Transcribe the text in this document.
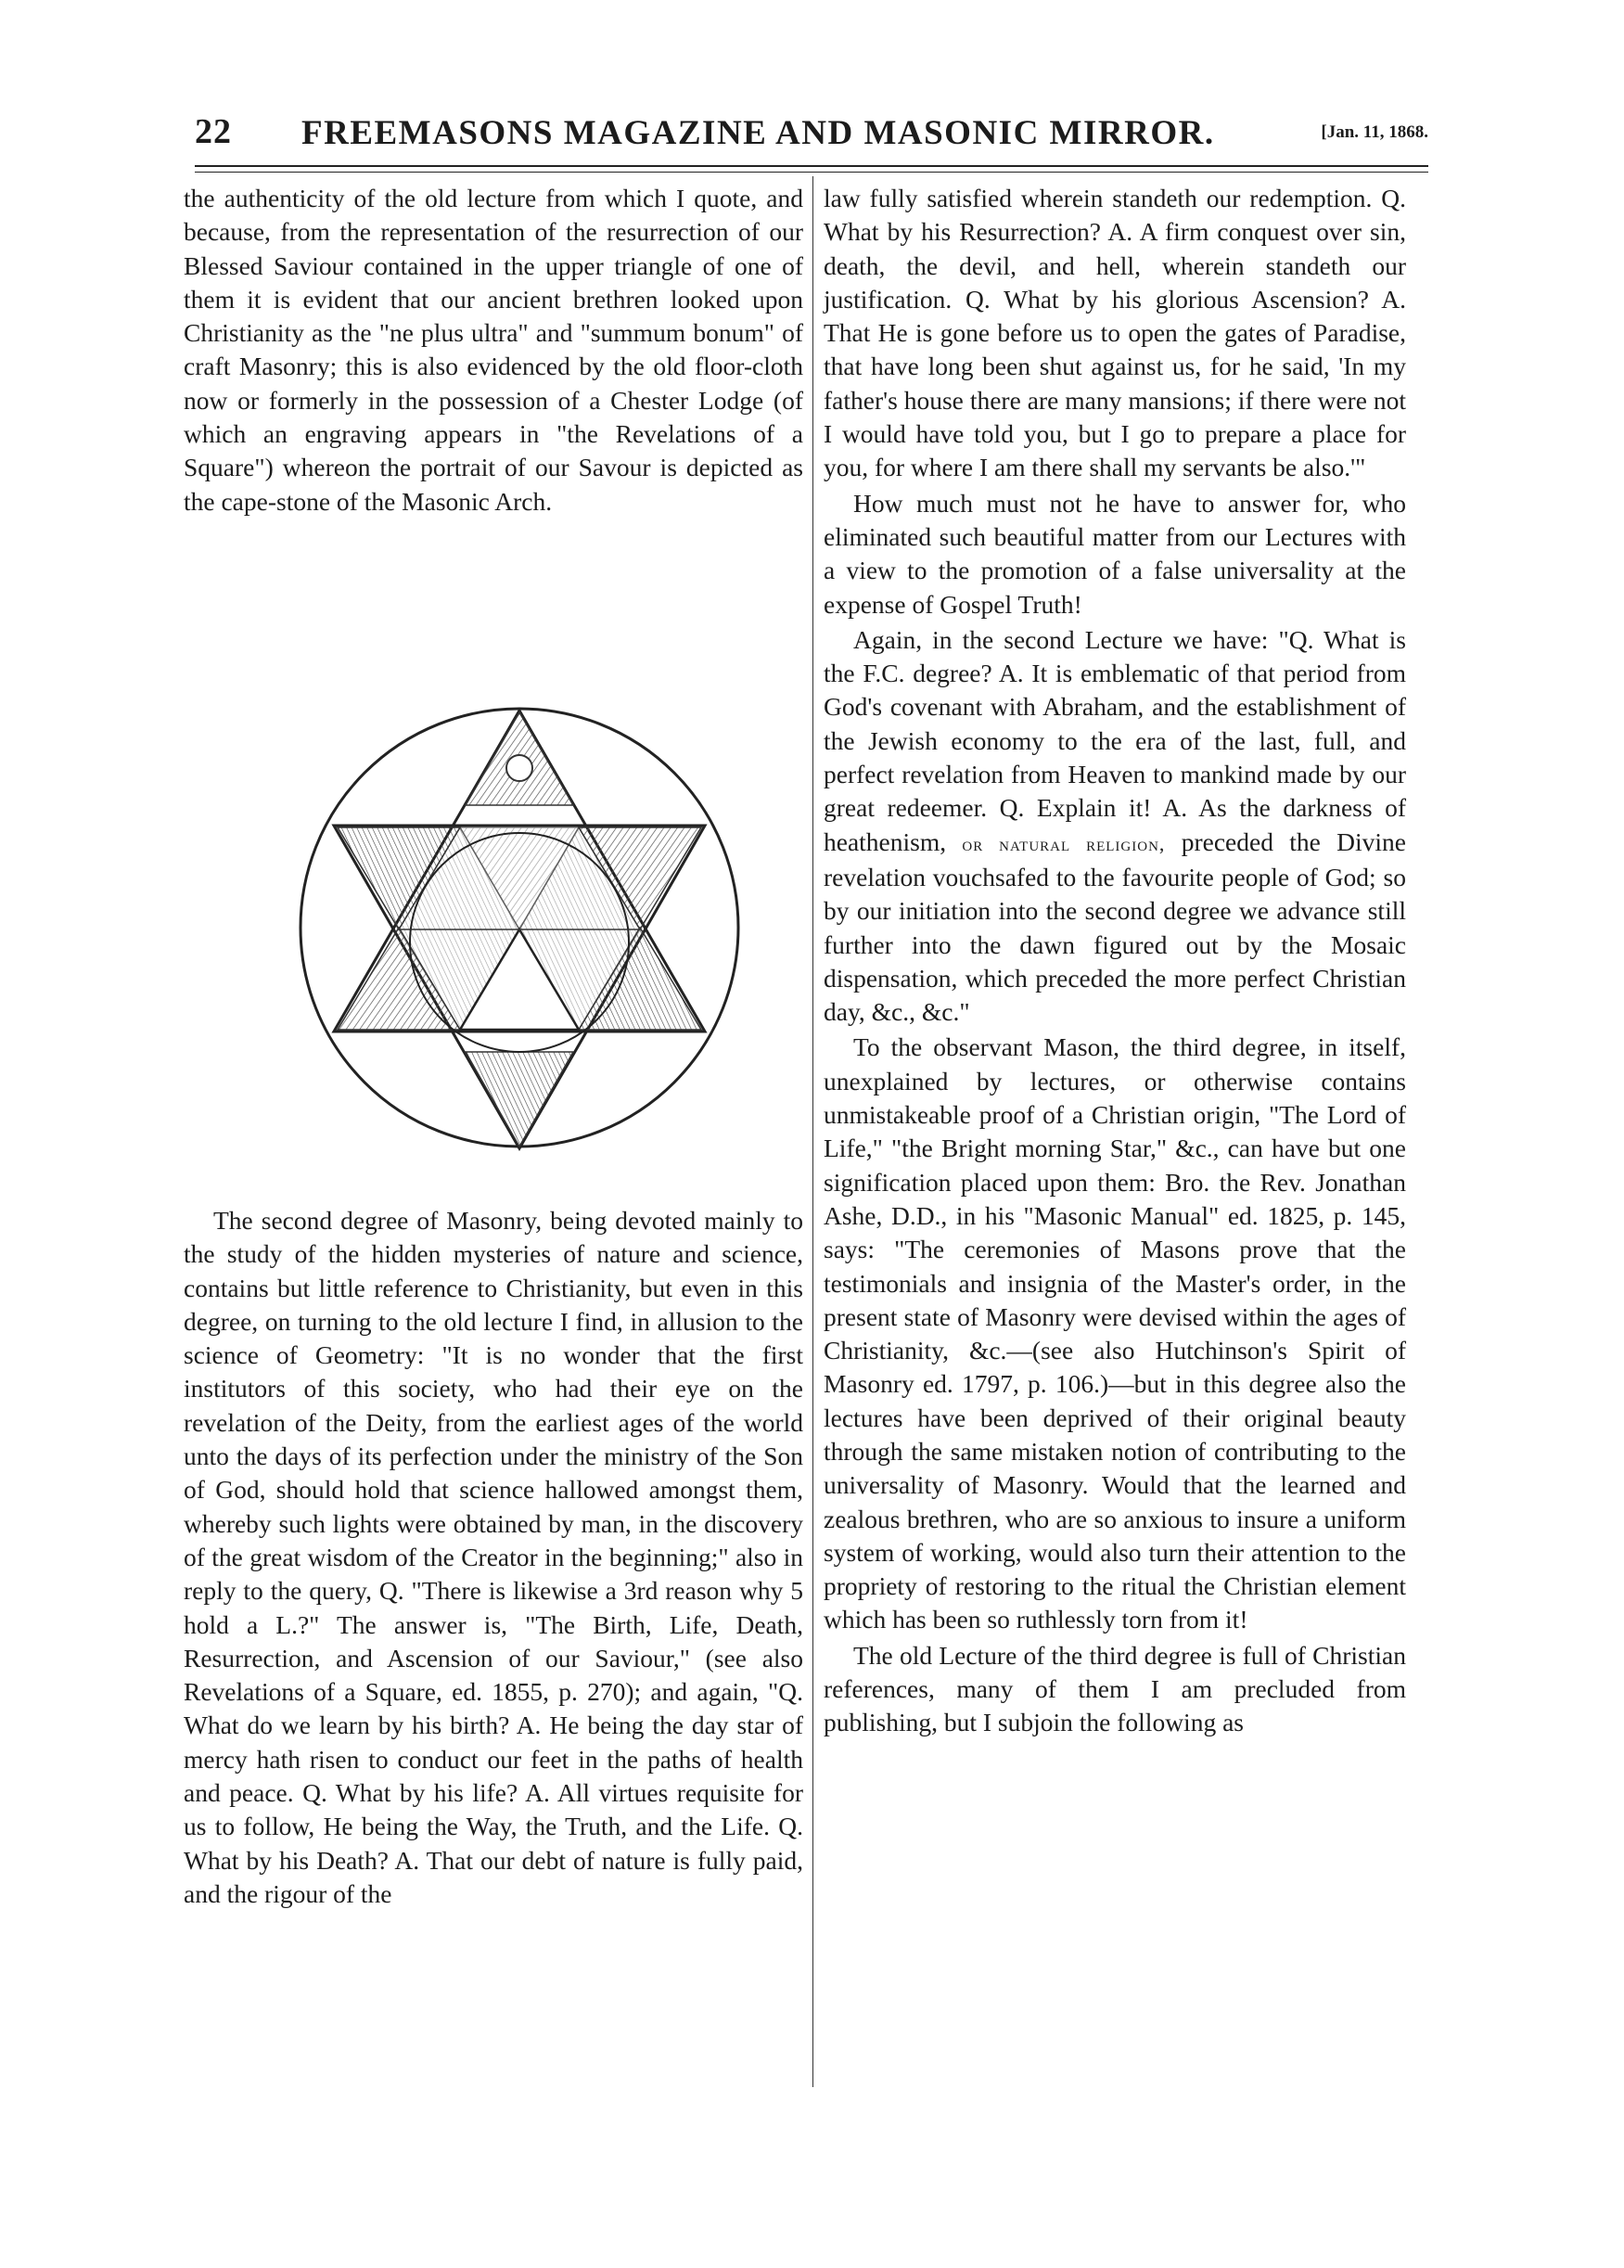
22 FREEMASONS MAGAZINE AND MASONIC MIRROR.	[Jan. 11, 1868.

the authenticity of the old lecture from which I quote, and because, from the representation of the resurrection of our Blessed Saviour contained in the upper triangle of one of them it is evident that our ancient brethren looked upon Christianity as the "ne plus ultra" and "summum bonum" of craft Masonry; this is also evidenced by the old floor-cloth now or formerly in the possession of a Chester Lodge (of which an engraving appears in "the Revelations of a Square") whereon the portrait of our Savour is depicted as the cape-stone of the Masonic Arch.

The second degree of Masonry, being devoted mainly to the study of the hidden mysteries of nature and science, contains but little reference to Christianity, but even in this degree, on turning to the old lecture I find, in allusion to the science of Geometry: "It is no wonder that the first institutors of this society, who had their eye on the revelation of the Deity, from the earliest ages of the world unto the days of its perfection under the ministry of the Son of God, should hold that science hallowed amongst them, whereby such lights were obtained by man, in the discovery of the great wisdom of the Creator in the beginning;" also in reply to the query, Q. "There is likewise a 3rd reason why 5 hold a L.?" The answer is, "The Birth, Life, Death, Resurrection, and Ascension of our Saviour," (see also Revelations of a Square, ed. 1855, p. 270); and again, "Q. What do we learn by his birth? A. He being the day star of mercy hath risen to conduct our feet in the paths of health and peace. Q. What by his life? A. All virtues requisite for us to follow, He being the Way, the Truth, and the Life. Q. What by his Death? A. That our debt of nature is fully paid, and the rigour of the

law fully satisfied wherein standeth our redemption. Q. What by his Resurrection? A. A firm conquest over sin, death, the devil, and hell, wherein standeth our justification. Q. What by his glorious Ascension? A. That He is gone before us to open the gates of Paradise, that have long been shut against us, for he said, 'In my father's house there are many mansions; if there were not I would have told you, but I go to prepare a place for you, for where I am there shall my servants be also.'"

How much must not he have to answer for, who eliminated such beautiful matter from our Lectures with a view to the promotion of a false universality at the expense of Gospel Truth!

Again, in the second Lecture we have: "Q. What is the F.C. degree? A. It is emblematic of that period from God's covenant with Abraham, and the establishment of the Jewish economy to the era of the last, full, and perfect revelation from Heaven to mankind made by our great redeemer. Q. Explain it! A. As the darkness of heathenism, or natural religion, preceded the Divine revelation vouchsafed to the favourite people of God; so by our initiation into the second degree we advance still further into the dawn figured out by the Mosaic dispensation, which preceded the more perfect Christian day, &c., &c."

To the observant Mason, the third degree, in itself, unexplained by lectures, or otherwise contains unmistakeable proof of a Christian origin, "The Lord of Life," "the Bright morning Star," &c., can have but one signification placed upon them: Bro. the Rev. Jonathan Ashe, D.D., in his "Masonic Manual" ed. 1825, p. 145, says: "The ceremonies of Masons prove that the testimonials and insignia of the Master's order, in the present state of Masonry were devised within the ages of Christianity, &c.—(see also Hutchinson's Spirit of Masonry ed. 1797, p. 106.)—but in this degree also the lectures have been deprived of their original beauty through the same mistaken notion of contributing to the universality of Masonry. Would that the learned and zealous brethren, who are so anxious to insure a uniform system of working, would also turn their attention to the propriety of restoring to the ritual the Christian element which has been so ruthlessly torn from it!

The old Lecture of the third degree is full of Christian references, many of them I am precluded from publishing, but I subjoin the following as
